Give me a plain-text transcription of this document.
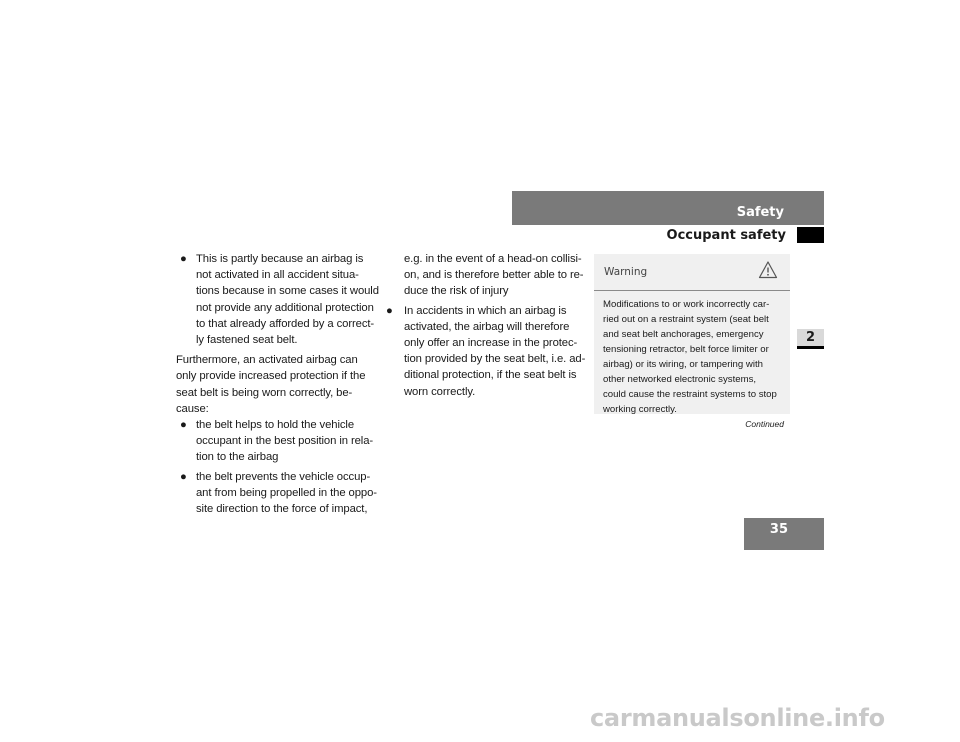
Safety
Occupant safety
2
● This is partly because an airbag is
not activated in all accident situa-
tions because in some cases it would
not provide any additional protection
to that already afforded by a correct-
ly fastened seat belt.
Furthermore, an activated airbag can
only provide increased protection if the
seat belt is being worn correctly, be-
cause:
● the belt helps to hold the vehicle
occupant in the best position in rela-
tion to the airbag
● the belt prevents the vehicle occup-
ant from being propelled in the oppo-
site direction to the force of impact,
e.g. in the event of a head-on collisi-
on, and is therefore better able to re-
duce the risk of injury
● In accidents in which an airbag is
activated, the airbag will therefore
only offer an increase in the protec-
tion provided by the seat belt, i.e. ad-
ditional protection, if the seat belt is
worn correctly.
Warning
Modifications to or work incorrectly car-
ried out on a restraint system (seat belt
and seat belt anchorages, emergency
tensioning retractor, belt force limiter or
airbag) or its wiring, or tampering with
other networked electronic systems,
could cause the restraint systems to stop
working correctly.
Continued
35
carmanualsonline.info
